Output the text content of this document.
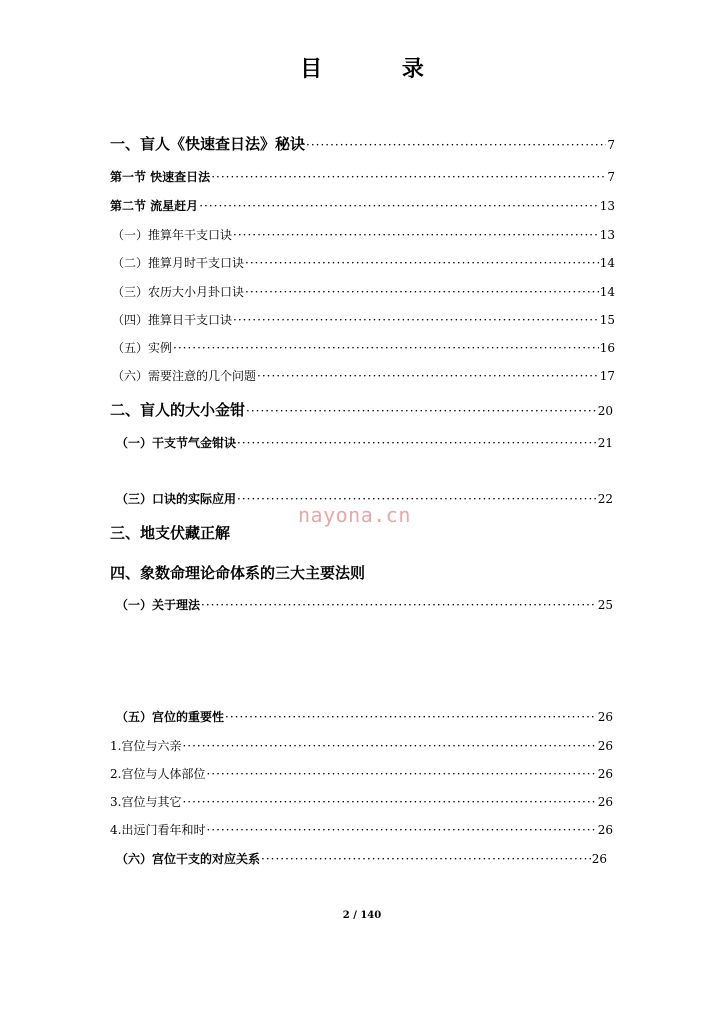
目 录
一、盲人《快速查日法》秘诀 ·····	7
第一节 快速查日法 ·····	7
第二节 流星赶月 ·····	13
（一）推算年干支口诀 ·····	13
（二）推算月时干支口诀 ·····	14
（三）农历大小月卦口诀 ·····	14
（四）推算日干支口诀 ·····	15
（五）实例 ·····	16
（六）需要注意的几个问题 ·····	17
二、盲人的大小金钳 ·····	20
（一）干支节气金钳诀 ·····	21
（三）口诀的实际应用 ·····	22
nayona.cn
三、地支伏藏正解
四、象数命理论命体系的三大主要法则
（一）关于理法 ·····	25
（五）宫位的重要性 ·····	26
1.宫位与六亲 ·····	26
2.宫位与人体部位 ·····	26
3.宫位与其它 ·····	26
4.出远门看年和时 ·····	26
（六）宫位干支的对应关系 ·····	26
2 / 140
